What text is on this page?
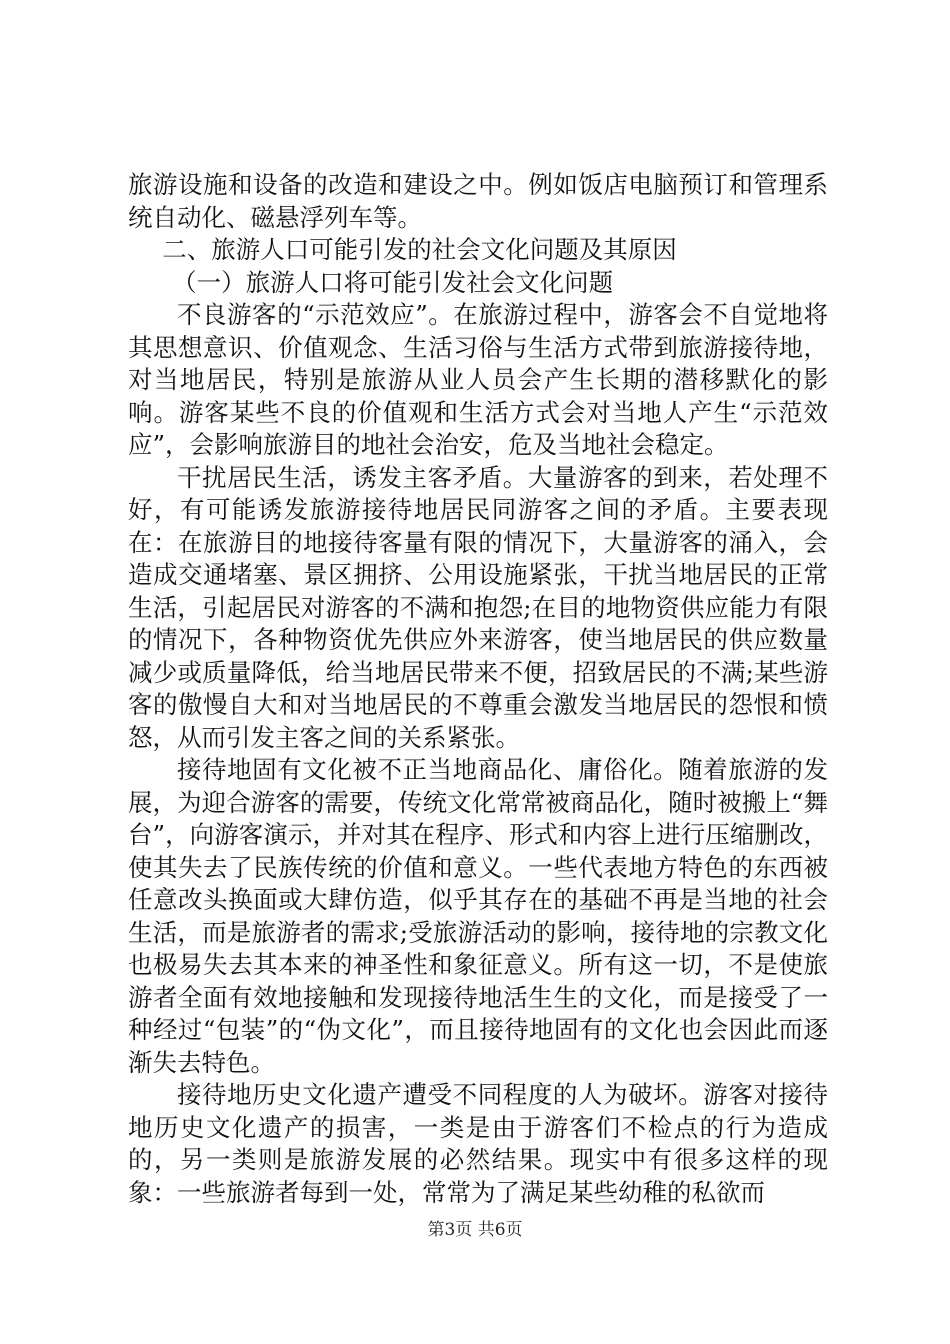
旅游设施和设备的改造和建设之中。例如饭店电脑预订和管理系统自动化、磁悬浮列车等。

二、旅游人口可能引发的社会文化问题及其原因

（一）旅游人口将可能引发社会文化问题

不良游客的“示范效应”。在旅游过程中，游客会不自觉地将其思想意识、价值观念、生活习俗与生活方式带到旅游接待地，对当地居民，特别是旅游从业人员会产生长期的潜移默化的影响。游客某些不良的价值观和生活方式会对当地人产生“示范效应”，会影响旅游目的地社会治安，危及当地社会稳定。

干扰居民生活，诱发主客矛盾。大量游客的到来，若处理不好，有可能诱发旅游接待地居民同游客之间的矛盾。主要表现在：在旅游目的地接待客量有限的情况下，大量游客的涌入，会造成交通堵塞、景区拥挤、公用设施紧张，干扰当地居民的正常生活，引起居民对游客的不满和抱怨;在目的地物资供应能力有限的情况下，各种物资优先供应外来游客，使当地居民的供应数量减少或质量降低，给当地居民带来不便，招致居民的不满;某些游客的傲慢自大和对当地居民的不尊重会激发当地居民的怨恨和愤怒，从而引发主客之间的关系紧张。

接待地固有文化被不正当地商品化、庸俗化。随着旅游的发展，为迎合游客的需要，传统文化常常被商品化，随时被搬上“舞台”，向游客演示，并对其在程序、形式和内容上进行压缩删改，使其失去了民族传统的价值和意义。一些代表地方特色的东西被任意改头换面或大肆仿造，似乎其存在的基础不再是当地的社会生活，而是旅游者的需求;受旅游活动的影响，接待地的宗教文化也极易失去其本来的神圣性和象征意义。所有这一切，不是使旅游者全面有效地接触和发现接待地活生生的文化，而是接受了一种经过“包装”的“伪文化”，而且接待地固有的文化也会因此而逐渐失去特色。

接待地历史文化遗产遭受不同程度的人为破坏。游客对接待地历史文化遗产的损害，一类是由于游客们不检点的行为造成的，另一类则是旅游发展的必然结果。现实中有很多这样的现象：一些旅游者每到一处，常常为了满足某些幼稚的私欲而

第3页 共6页
